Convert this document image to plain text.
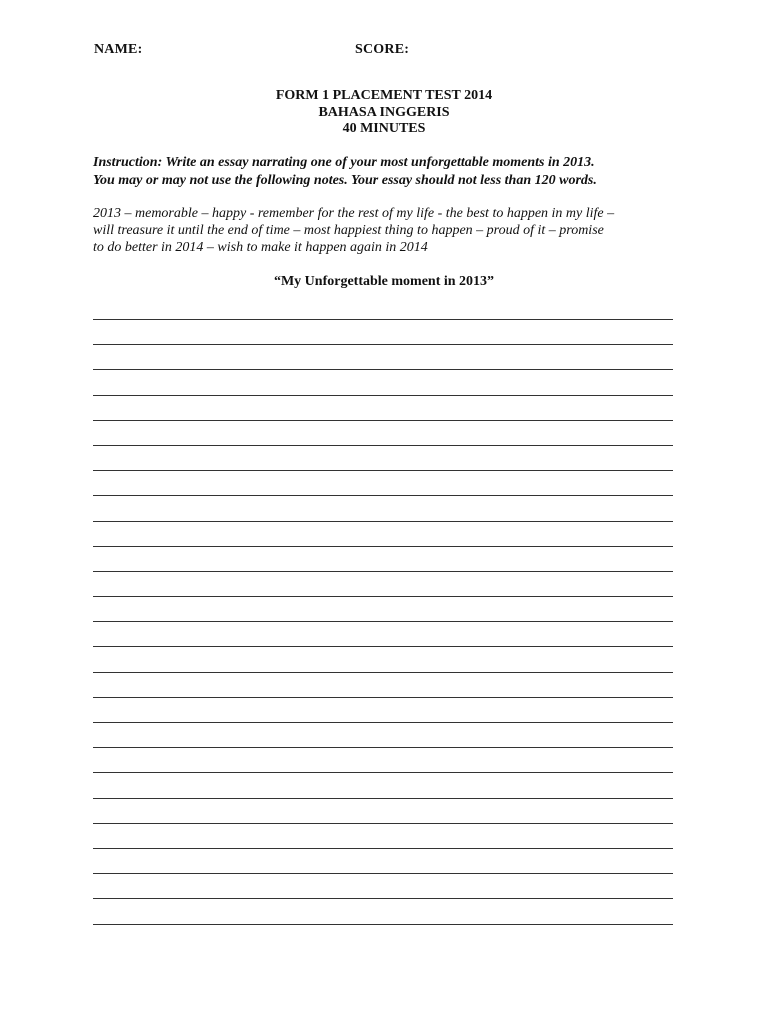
NAME:	SCORE:
FORM 1 PLACEMENT TEST 2014
BAHASA INGGERIS
40 MINUTES
Instruction: Write an essay narrating one of your most unforgettable moments in 2013.
You may or may not use the following notes. Your essay should not less than 120 words.
2013 – memorable – happy - remember for the rest of my life - the best to happen in my life –
will treasure it until the end of time – most happiest thing to happen – proud of it – promise
to do better in 2014 – wish to make it happen again in 2014
“My Unforgettable moment in 2013”
